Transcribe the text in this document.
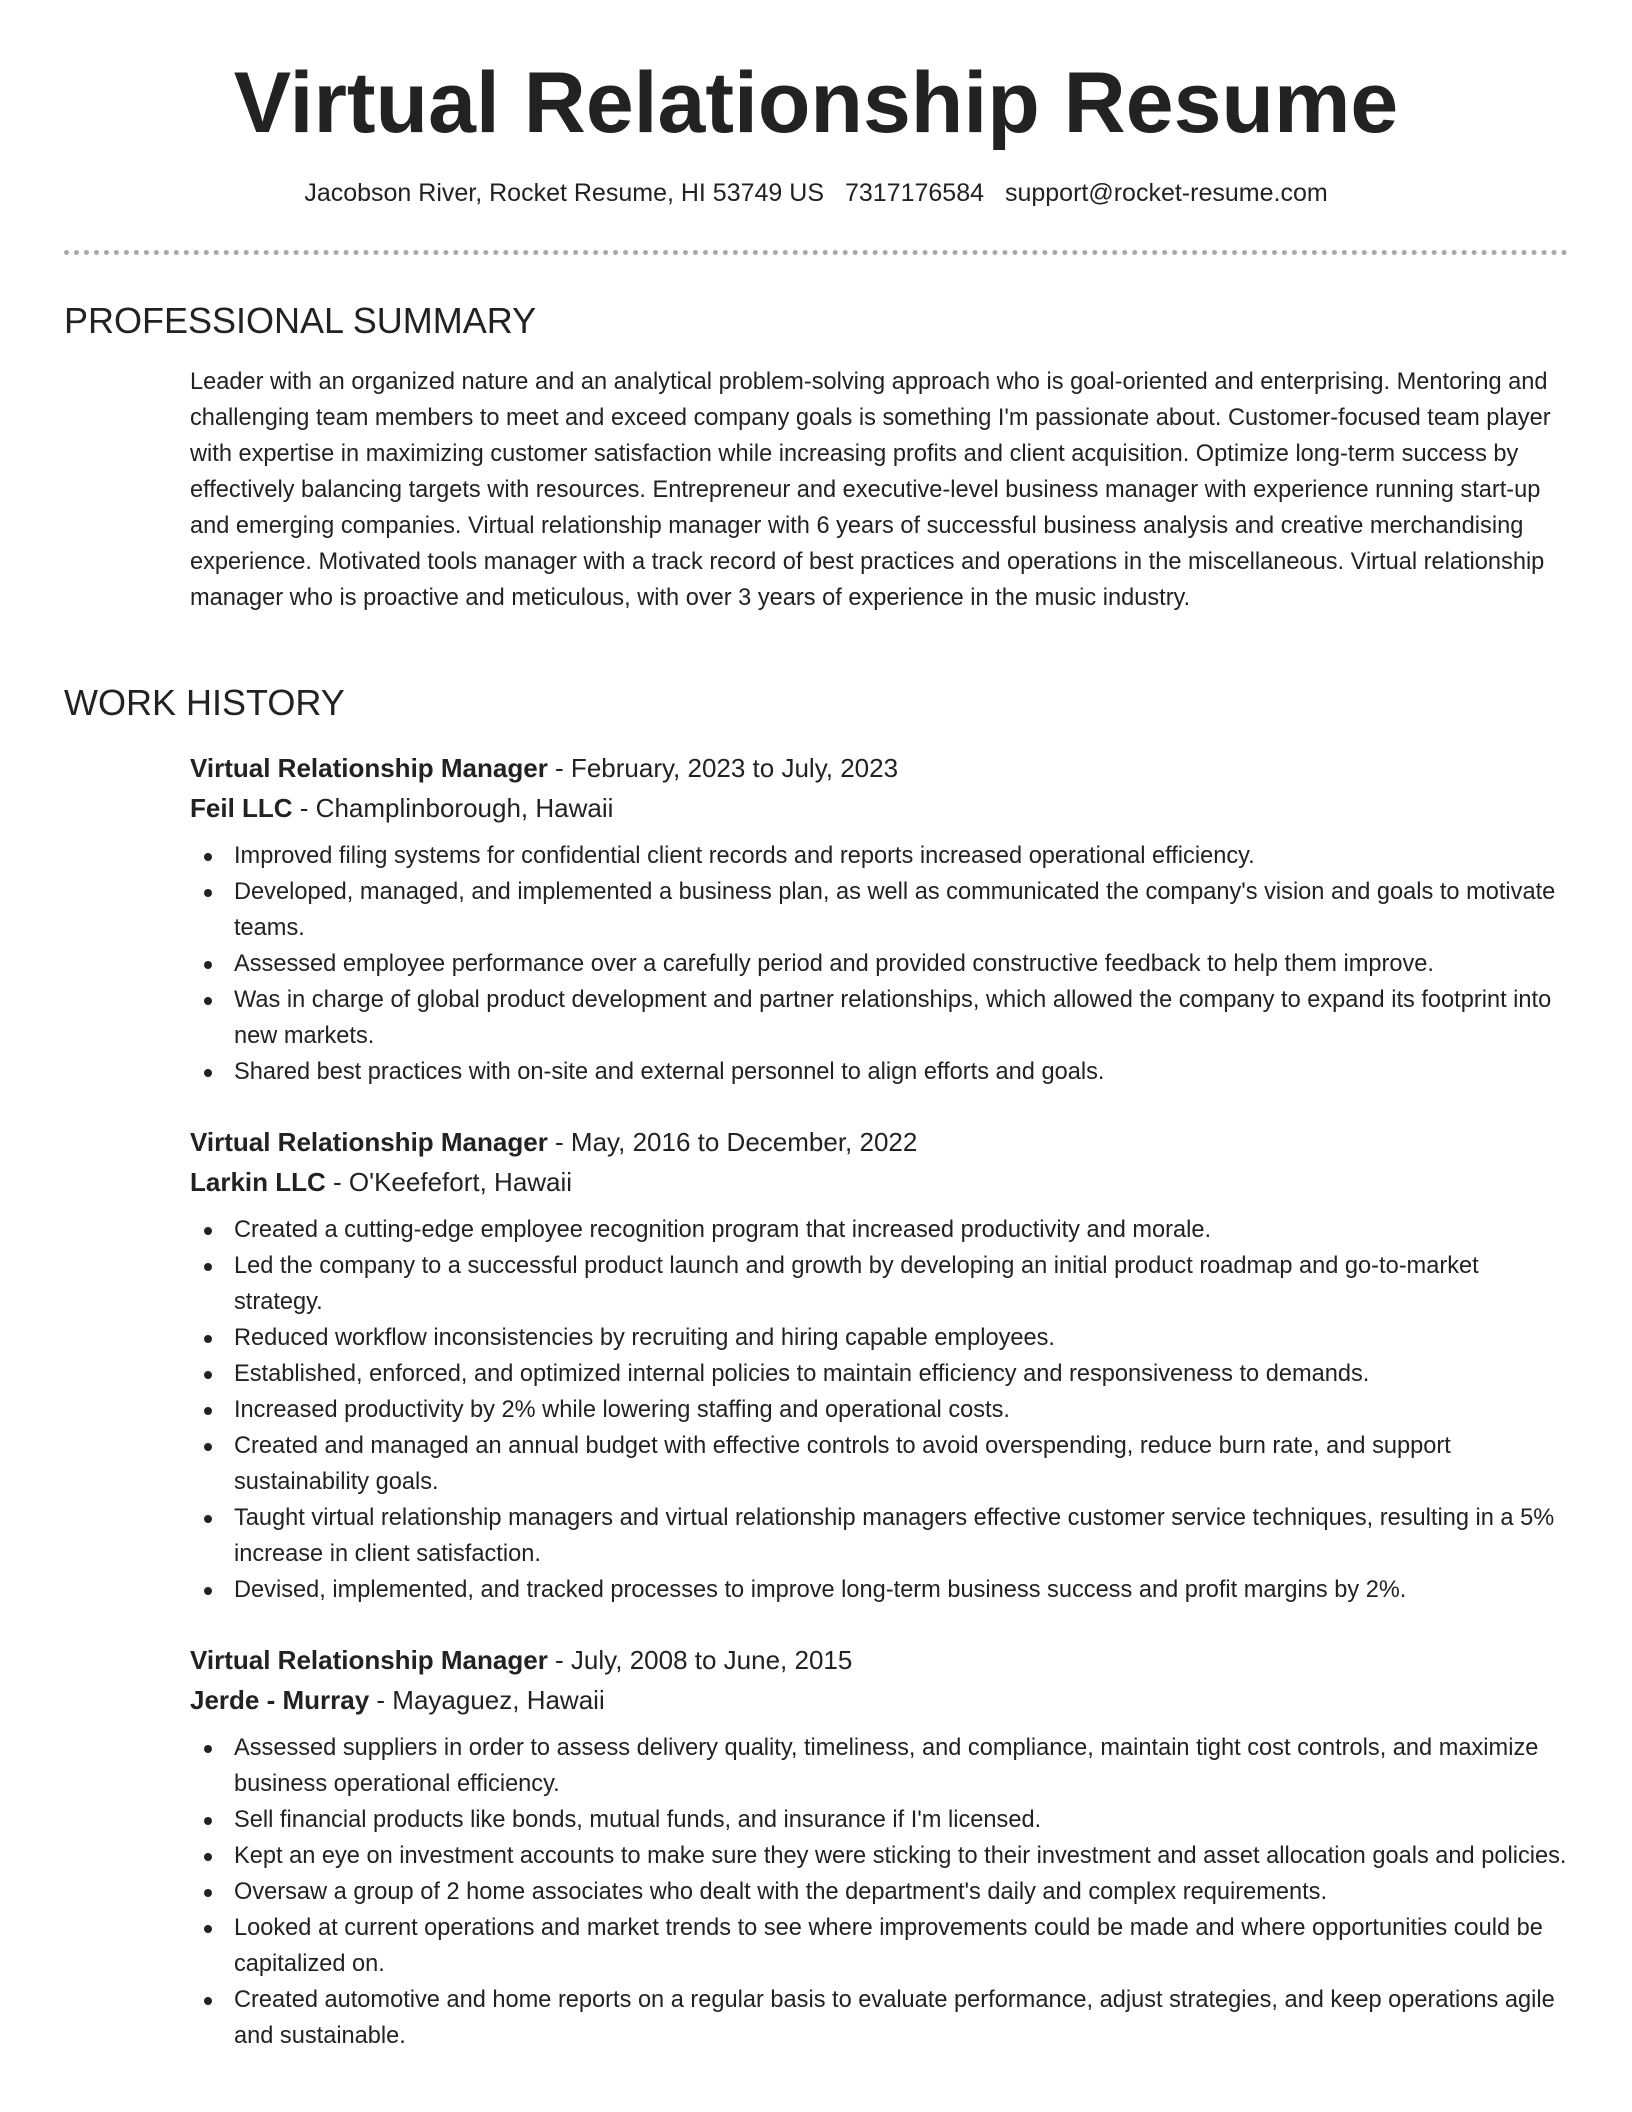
Virtual Relationship Resume
Jacobson River, Rocket Resume, HI 53749 US 7317176584 support@rocket-resume.com
PROFESSIONAL SUMMARY

Leader with an organized nature and an analytical problem-solving approach who is goal-oriented and enterprising. Mentoring and challenging team members to meet and exceed company goals is something I'm passionate about. Customer-focused team player with expertise in maximizing customer satisfaction while increasing profits and client acquisition. Optimize long-term success by effectively balancing targets with resources. Entrepreneur and executive-level business manager with experience running start-up and emerging companies. Virtual relationship manager with 6 years of successful business analysis and creative merchandising experience. Motivated tools manager with a track record of best practices and operations in the miscellaneous. Virtual relationship manager who is proactive and meticulous, with over 3 years of experience in the music industry.

WORK HISTORY

Virtual Relationship Manager - February, 2023 to July, 2023

Feil LLC - Champlinborough, Hawaii

Improved filing systems for confidential client records and reports increased operational efficiency.
Developed, managed, and implemented a business plan, as well as communicated the company's vision and goals to motivate teams.
Assessed employee performance over a carefully period and provided constructive feedback to help them improve.
Was in charge of global product development and partner relationships, which allowed the company to expand its footprint into new markets.
Shared best practices with on-site and external personnel to align efforts and goals.

Virtual Relationship Manager - May, 2016 to December, 2022

Larkin LLC - O'Keefefort, Hawaii

Created a cutting-edge employee recognition program that increased productivity and morale.
Led the company to a successful product launch and growth by developing an initial product roadmap and go-to-market strategy.
Reduced workflow inconsistencies by recruiting and hiring capable employees.
Established, enforced, and optimized internal policies to maintain efficiency and responsiveness to demands.
Increased productivity by 2% while lowering staffing and operational costs.
Created and managed an annual budget with effective controls to avoid overspending, reduce burn rate, and support sustainability goals.
Taught virtual relationship managers and virtual relationship managers effective customer service techniques, resulting in a 5% increase in client satisfaction.
Devised, implemented, and tracked processes to improve long-term business success and profit margins by 2%.

Virtual Relationship Manager - July, 2008 to June, 2015

Jerde - Murray - Mayaguez, Hawaii

Assessed suppliers in order to assess delivery quality, timeliness, and compliance, maintain tight cost controls, and maximize business operational efficiency.
Sell financial products like bonds, mutual funds, and insurance if I'm licensed.
Kept an eye on investment accounts to make sure they were sticking to their investment and asset allocation goals and policies.
Oversaw a group of 2 home associates who dealt with the department's daily and complex requirements.
Looked at current operations and market trends to see where improvements could be made and where opportunities could be capitalized on.
Created automotive and home reports on a regular basis to evaluate performance, adjust strategies, and keep operations agile and sustainable.
